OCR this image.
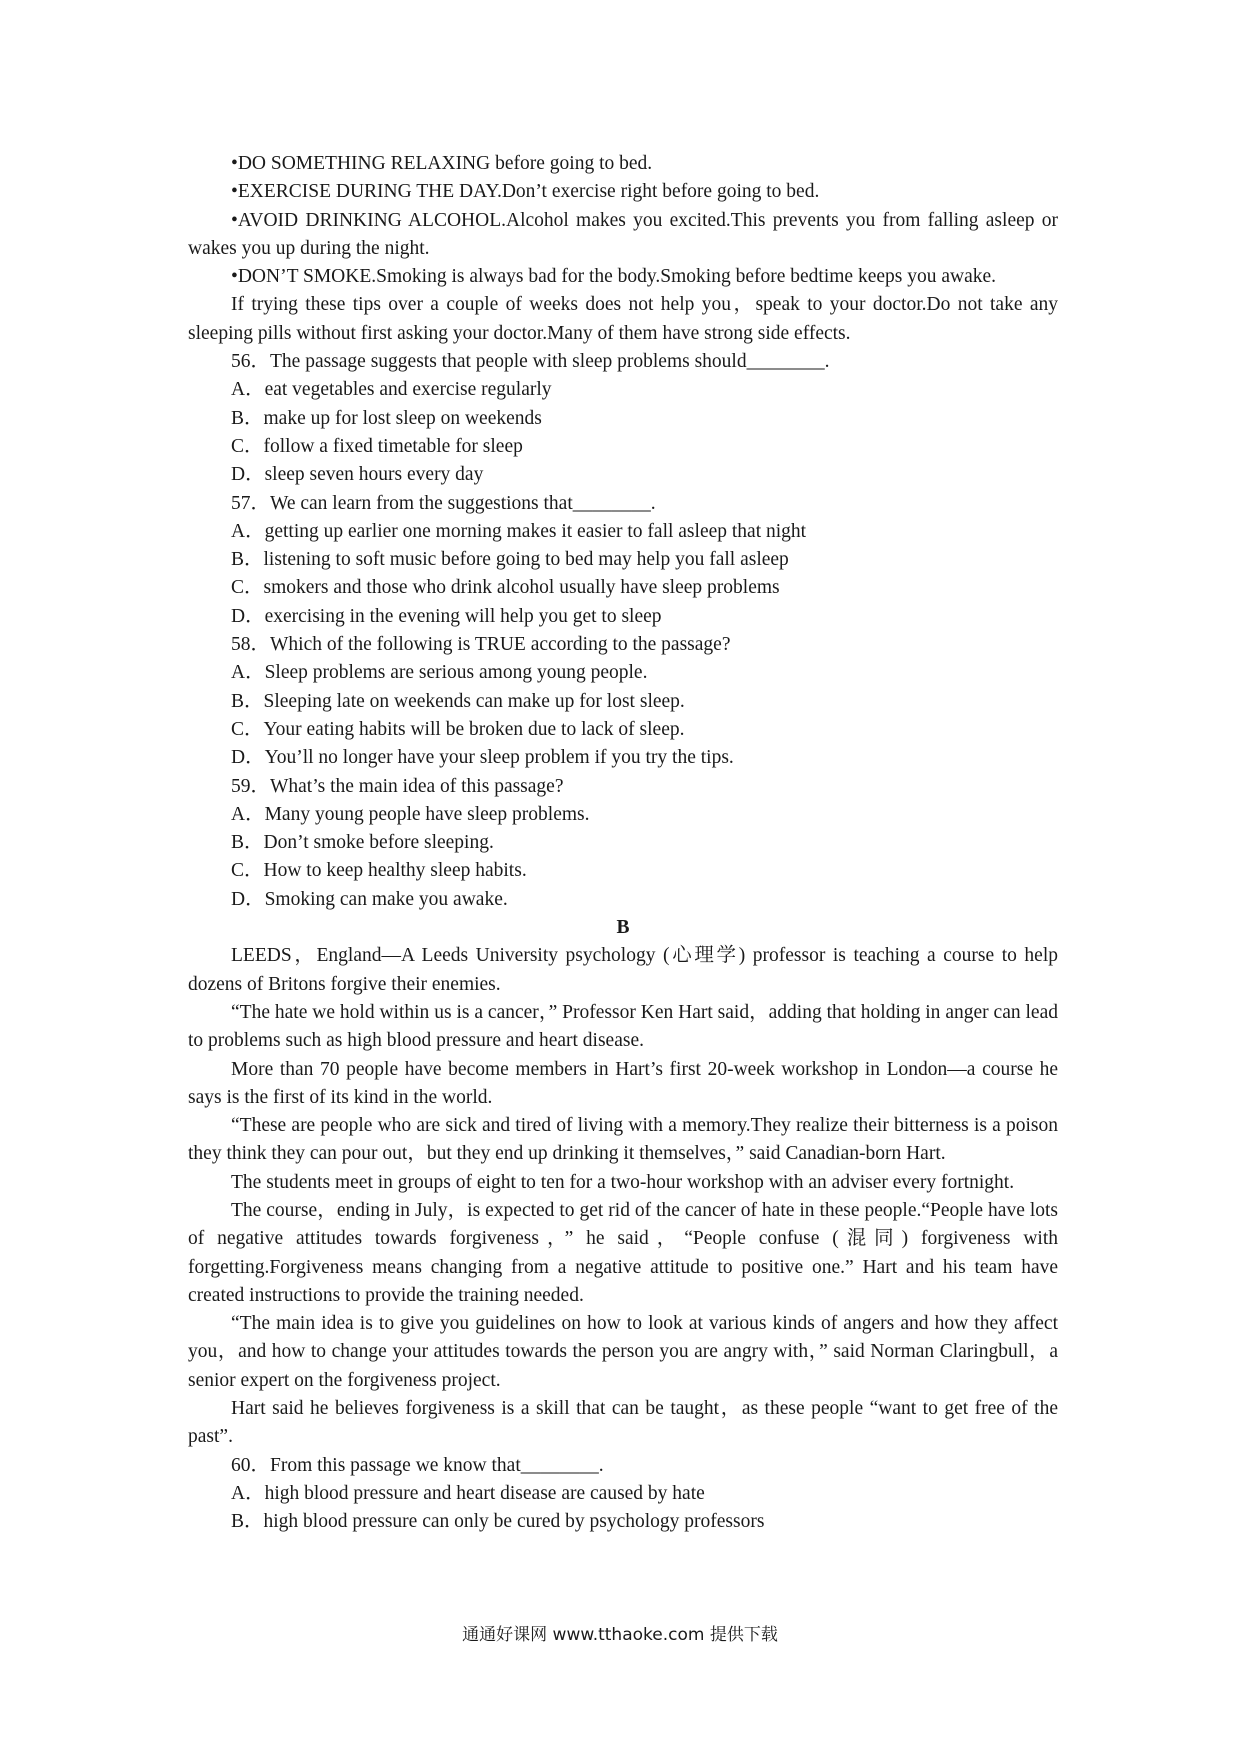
•DO SOMETHING RELAXING before going to bed.

•EXERCISE DURING THE DAY.Don’t exercise right before going to bed.

•AVOID DRINKING ALCOHOL.Alcohol makes you excited.This prevents you from falling asleep or wakes you up during the night.

•DON’T SMOKE.Smoking is always bad for the body.Smoking before bedtime keeps you awake.

If trying these tips over a couple of weeks does not help you，speak to your doctor.Do not take any sleeping pills without first asking your doctor.Many of them have strong side effects.

56．The passage suggests that people with sleep problems should________.

A．eat vegetables and exercise regularly

B．make up for lost sleep on weekends

C．follow a fixed timetable for sleep

D．sleep seven hours every day

57．We can learn from the suggestions that________.

A．getting up earlier one morning makes it easier to fall asleep that night

B．listening to soft music before going to bed may help you fall asleep

C．smokers and those who drink alcohol usually have sleep problems

D．exercising in the evening will help you get to sleep

58．Which of the following is TRUE according to the passage?

A．Sleep problems are serious among young people.

B．Sleeping late on weekends can make up for lost sleep.

C．Your eating habits will be broken due to lack of sleep.

D．You’ll no longer have your sleep problem if you try the tips.

59．What’s the main idea of this passage?

A．Many young people have sleep problems.

B．Don’t smoke before sleeping.

C．How to keep healthy sleep habits.

D．Smoking can make you awake.

B

LEEDS，England—A Leeds University psychology (心理学) professor is teaching a course to help dozens of Britons forgive their enemies.

“The hate we hold within us is a cancer，” Professor Ken Hart said，adding that holding in anger can lead to problems such as high blood pressure and heart disease.

More than 70 people have become members in Hart’s first 20-week workshop in London—a course he says is the first of its kind in the world.

“These are people who are sick and tired of living with a memory.They realize their bitterness is a poison they think they can pour out，but they end up drinking it themselves，” said Canadian-born Hart.

The students meet in groups of eight to ten for a two-hour workshop with an adviser every fortnight.

The course，ending in July，is expected to get rid of the cancer of hate in these people.“People have lots of negative attitudes towards forgiveness，” he said，“People confuse (混同) forgiveness with forgetting.Forgiveness means changing from a negative attitude to positive one.” Hart and his team have created instructions to provide the training needed.

“The main idea is to give you guidelines on how to look at various kinds of angers and how they affect you，and how to change your attitudes towards the person you are angry with，” said Norman Claringbull，a senior expert on the forgiveness project.

Hart said he believes forgiveness is a skill that can be taught，as these people “want to get free of the past”.

60．From this passage we know that________.

A．high blood pressure and heart disease are caused by hate

B．high blood pressure can only be cured by psychology professors

通通好课网 www.tthaoke.com 提供下载
